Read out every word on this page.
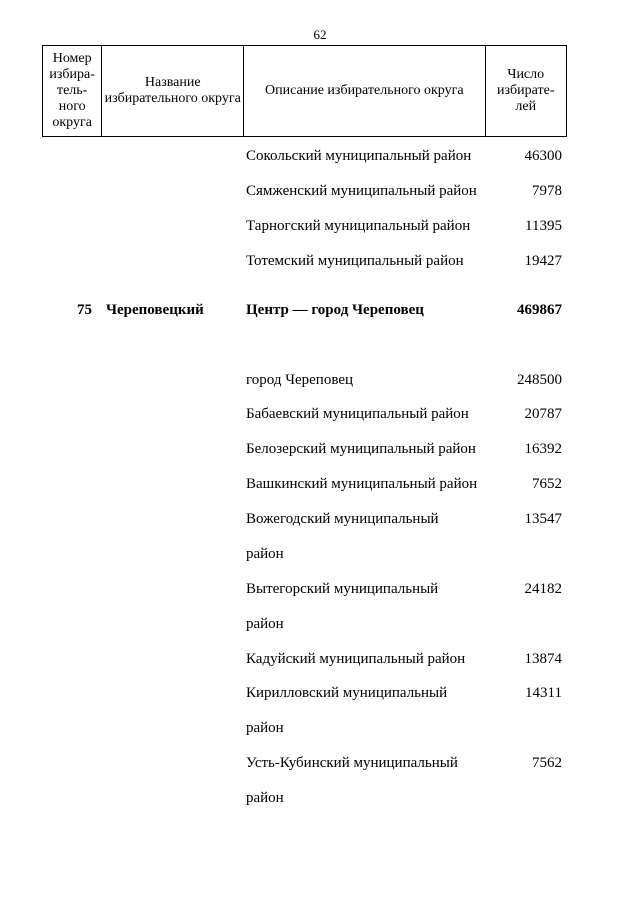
62
Номер избира-тель-ного округа	Название избирательного округа	Описание избирательного округа	Число избирате-лей
Сокольский муниципальный район	46300
Сямженский муниципальный район	7978
Тарногский муниципальный район	11395
Тотемский муниципальный район	19427
75 Череповецкий	Центр — город Череповец	469867
город Череповец	248500
Бабаевский муниципальный район	20787
Белозерский муниципальный район	16392
Вашкинский муниципальный район	7652
Вожегодский муниципальный	13547
район
Вытегорский муниципальный	24182
район
Кадуйский муниципальный район	13874
Кирилловский муниципальный	14311
район
Усть-Кубинский муниципальный	7562
район
